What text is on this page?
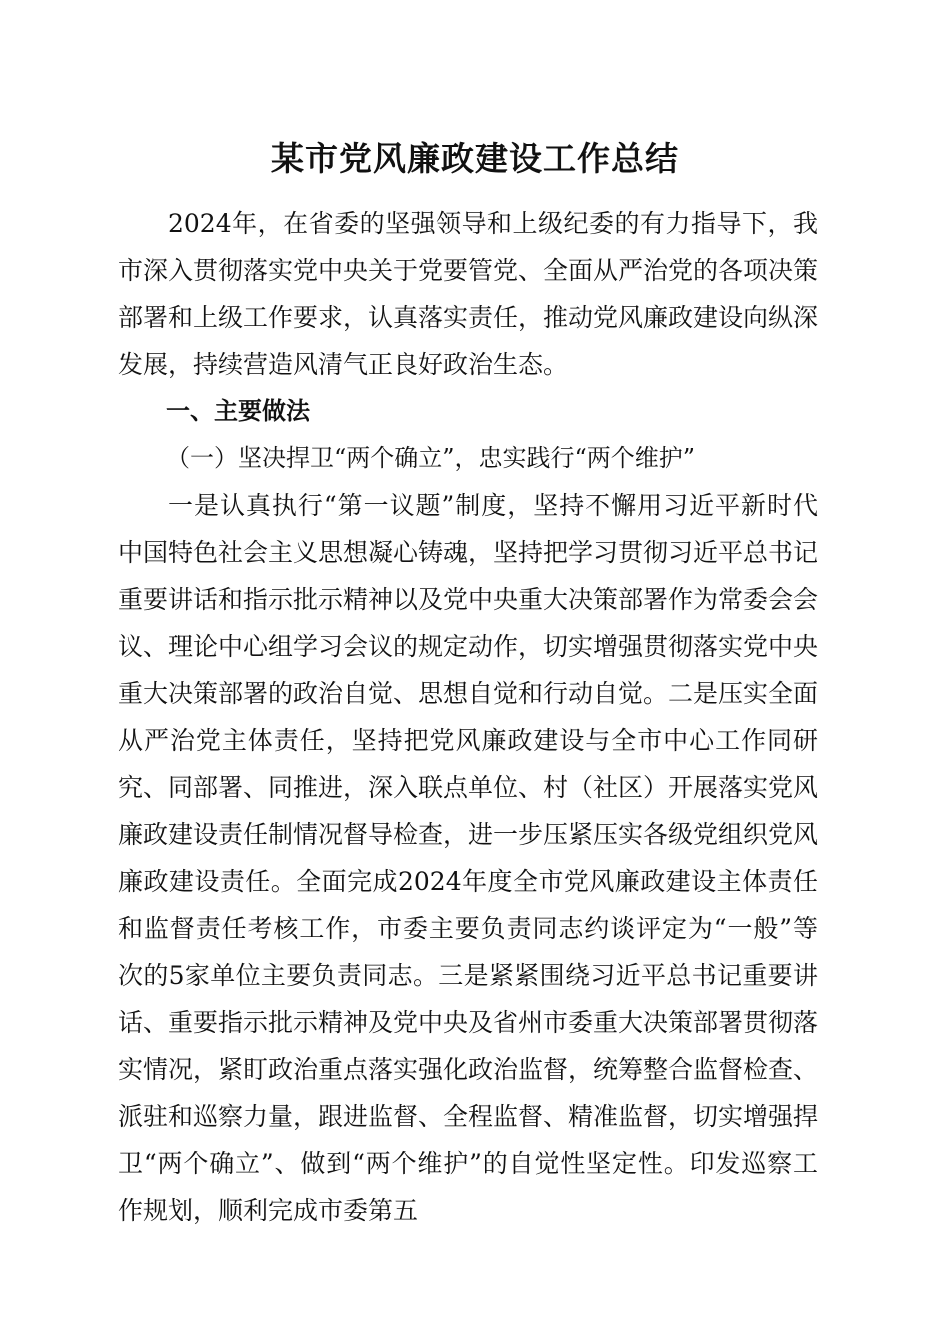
某市党风廉政建设工作总结

2024年，在省委的坚强领导和上级纪委的有力指导下，我市深入贯彻落实党中央关于党要管党、全面从严治党的各项决策部署和上级工作要求，认真落实责任，推动党风廉政建设向纵深发展，持续营造风清气正良好政治生态。

一、主要做法

（一）坚决捍卫“两个确立”，忠实践行“两个维护”

一是认真执行“第一议题”制度，坚持不懈用习近平新时代中国特色社会主义思想凝心铸魂，坚持把学习贯彻习近平总书记重要讲话和指示批示精神以及党中央重大决策部署作为常委会会议、理论中心组学习会议的规定动作，切实增强贯彻落实党中央重大决策部署的政治自觉、思想自觉和行动自觉。二是压实全面从严治党主体责任，坚持把党风廉政建设与全市中心工作同研究、同部署、同推进，深入联点单位、村（社区）开展落实党风廉政建设责任制情况督导检查，进一步压紧压实各级党组织党风廉政建设责任。全面完成2024年度全市党风廉政建设主体责任和监督责任考核工作，市委主要负责同志约谈评定为“一般”等次的5家单位主要负责同志。三是紧紧围绕习近平总书记重要讲话、重要指示批示精神及党中央及省州市委重大决策部署贯彻落实情况，紧盯政治重点落实强化政治监督，统筹整合监督检查、派驻和巡察力量，跟进监督、全程监督、精准监督，切实增强捍卫“两个确立”、做到“两个维护”的自觉性坚定性。印发巡察工作规划，顺利完成市委第五
